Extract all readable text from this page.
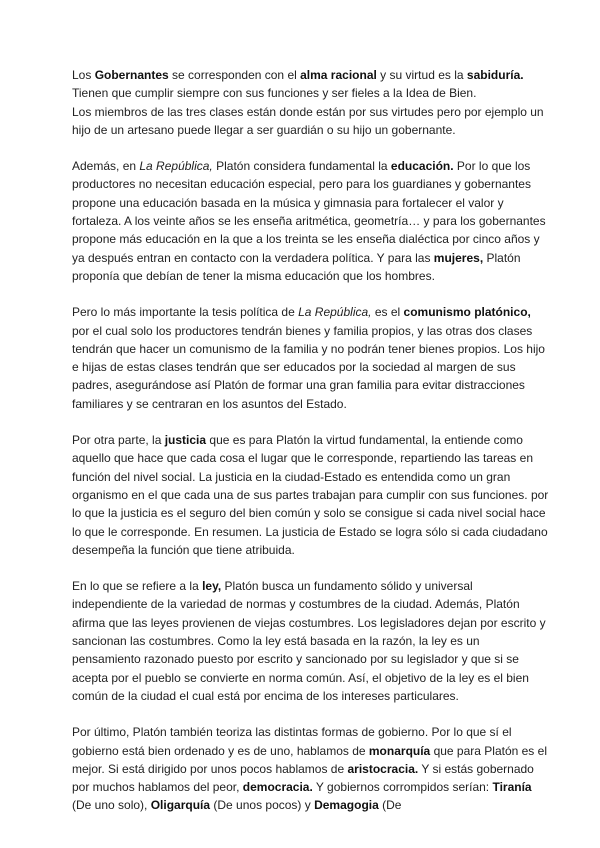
Los Gobernantes se corresponden con el alma racional y su virtud es la sabiduría. Tienen que cumplir siempre con sus funciones y ser fieles a la Idea de Bien.
Los miembros de las tres clases están donde están por sus virtudes pero por ejemplo un hijo de un artesano puede llegar a ser guardián o su hijo un gobernante.
Además, en La República, Platón considera fundamental la educación. Por lo que los productores no necesitan educación especial, pero para los guardianes y gobernantes propone una educación basada en la música y gimnasia para fortalecer el valor y fortaleza. A los veinte años se les enseña aritmética, geometría… y para los gobernantes propone más educación en la que a los treinta se les enseña dialéctica por cinco años y ya después entran en contacto con la verdadera política. Y para las mujeres, Platón proponía que debían de tener la misma educación que los hombres.
Pero lo más importante la tesis política de La República, es el comunismo platónico, por el cual solo los productores tendrán bienes y familia propios, y las otras dos clases tendrán que hacer un comunismo de la familia y no podrán tener bienes propios. Los hijo e hijas de estas clases tendrán que ser educados por la sociedad al margen de sus padres, asegurándose así Platón de formar una gran familia para evitar distracciones familiares y se centraran en los asuntos del Estado.
Por otra parte, la justicia que es para Platón la virtud fundamental, la entiende como aquello que hace que cada cosa el lugar que le corresponde, repartiendo las tareas en función del nivel social. La justicia en la ciudad-Estado es entendida como un gran organismo en el que cada una de sus partes trabajan para cumplir con sus funciones. por lo que la justicia es el seguro del bien común y solo se consigue si cada nivel social hace lo que le corresponde. En resumen. La justicia de Estado se logra sólo si cada ciudadano desempeña la función que tiene atribuida.
En lo que se refiere a la ley, Platón busca un fundamento sólido y universal independiente de la variedad de normas y costumbres de la ciudad. Además, Platón afirma que las leyes provienen de viejas costumbres. Los legisladores dejan por escrito y sancionan las costumbres. Como la ley está basada en la razón, la ley es un pensamiento razonado puesto por escrito y sancionado por su legislador y que si se acepta por el pueblo se convierte en norma común. Así, el objetivo de la ley es el bien común de la ciudad el cual está por encima de los intereses particulares.
Por último, Platón también teoriza las distintas formas de gobierno. Por lo que sí el gobierno está bien ordenado y es de uno, hablamos de monarquía que para Platón es el mejor. Si está dirigido por unos pocos hablamos de aristocracia. Y si estás gobernado por muchos hablamos del peor, democracia. Y gobiernos corrompidos serían: Tiranía (De uno solo), Oligarquía (De unos pocos) y Demagogia (De
